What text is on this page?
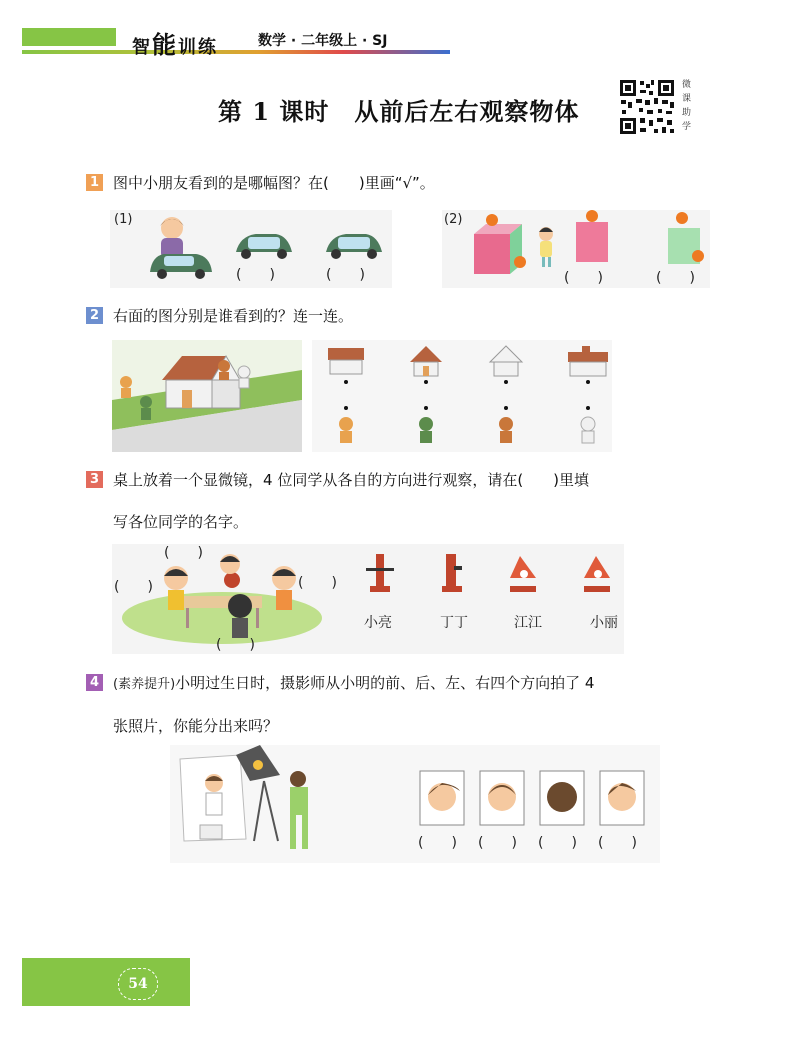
智能训练	数学 · 二年级上 · SJ
第 1 课时　从前后左右观察物体
微
课
助
学
1 图中小朋友看到的是哪幅图？在(　　)里画“√”。
(1)
(　　)	(　　)
(2)
(　　)	(　　)
2 右面的图分别是谁看到的？连一连。
3 桌上放着一个显微镜，4 位同学从各自的方向进行观察，请在(　　)里填
写各位同学的名字。
(　　)
(　　)	(　　)
(　　)
小亮	丁丁	江江	小丽
4	(素养提升)小明过生日时，摄影师从小明的前、后、左、右四个方向拍了 4
张照片，你能分出来吗？
(　　) (　　) (　　) (　　)
54
